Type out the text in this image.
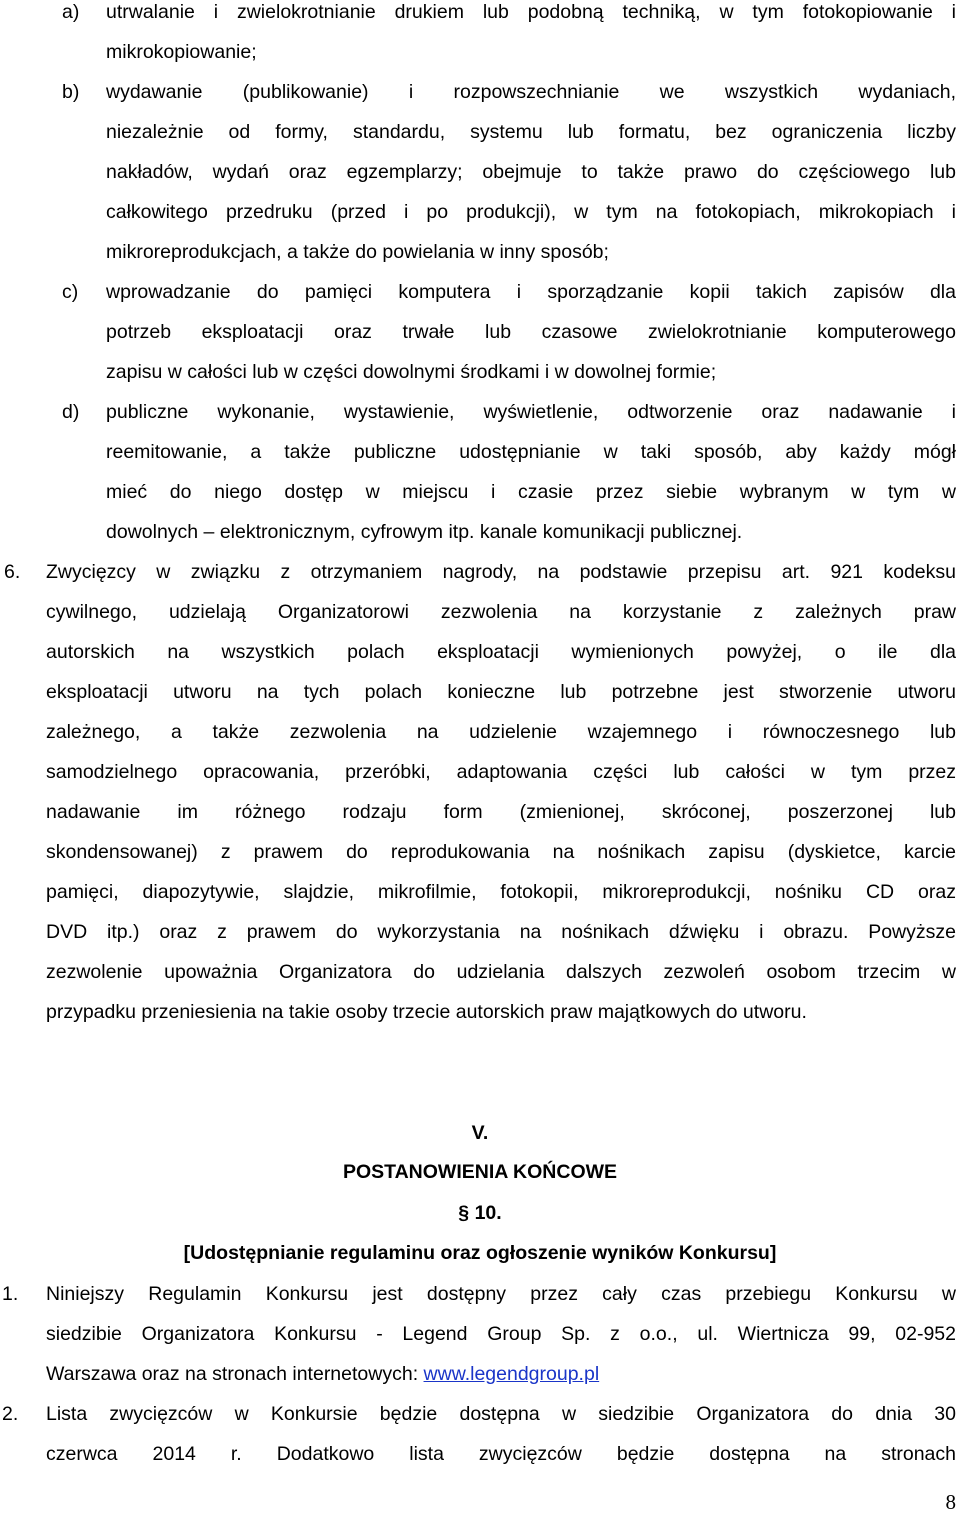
a) utrwalanie i zwielokrotnianie drukiem lub podobną techniką, w tym fotokopiowanie i
mikrokopiowanie;
b) wydawanie (publikowanie) i rozpowszechnianie we wszystkich wydaniach,
niezależnie od formy, standardu, systemu lub formatu, bez ograniczenia liczby
nakładów, wydań oraz egzemplarzy; obejmuje to także prawo do częściowego lub
całkowitego przedruku (przed i po produkcji), w tym na fotokopiach, mikrokopiach i
mikroreprodukcjach, a także do powielania w inny sposób;
c) wprowadzanie do pamięci komputera i sporządzanie kopii takich zapisów dla
potrzeb eksploatacji oraz trwałe lub czasowe zwielokrotnianie komputerowego
zapisu w całości lub w części dowolnymi środkami i w dowolnej formie;
d) publiczne wykonanie, wystawienie, wyświetlenie, odtworzenie oraz nadawanie i
reemitowanie, a także publiczne udostępnianie w taki sposób, aby każdy mógł
mieć do niego dostęp w miejscu i czasie przez siebie wybranym w tym w
dowolnych – elektronicznym, cyfrowym itp. kanale komunikacji publicznej.
6. Zwycięzcy w związku z otrzymaniem nagrody, na podstawie przepisu art. 921 kodeksu
cywilnego, udzielają Organizatorowi zezwolenia na korzystanie z zależnych praw
autorskich na wszystkich polach eksploatacji wymienionych powyżej, o ile dla
eksploatacji utworu na tych polach konieczne lub potrzebne jest stworzenie utworu
zależnego, a także zezwolenia na udzielenie wzajemnego i równoczesnego lub
samodzielnego opracowania, przeróbki, adaptowania części lub całości w tym przez
nadawanie im różnego rodzaju form (zmienionej, skróconej, poszerzonej lub
skondensowanej) z prawem do reprodukowania na nośnikach zapisu (dyskietce, karcie
pamięci, diapozytywie, slajdzie, mikrofilmie, fotokopii, mikroreprodukcji, nośniku CD oraz
DVD itp.) oraz z prawem do wykorzystania na nośnikach dźwięku i obrazu. Powyższe
zezwolenie upoważnia Organizatora do udzielania dalszych zezwoleń osobom trzecim w
przypadku przeniesienia na takie osoby trzecie autorskich praw majątkowych do utworu.
V.
POSTANOWIENIA KOŃCOWE
§ 10.
[Udostępnianie regulaminu oraz ogłoszenie wyników Konkursu]
1. Niniejszy Regulamin Konkursu jest dostępny przez cały czas przebiegu Konkursu w
siedzibie Organizatora Konkursu - Legend Group Sp. z o.o., ul. Wiertnicza 99, 02-952
Warszawa oraz na stronach internetowych: www.legendgroup.pl
2. Lista zwycięzców w Konkursie będzie dostępna w siedzibie Organizatora do dnia 30
czerwca 2014 r. Dodatkowo lista zwycięzców będzie dostępna na stronach
8
